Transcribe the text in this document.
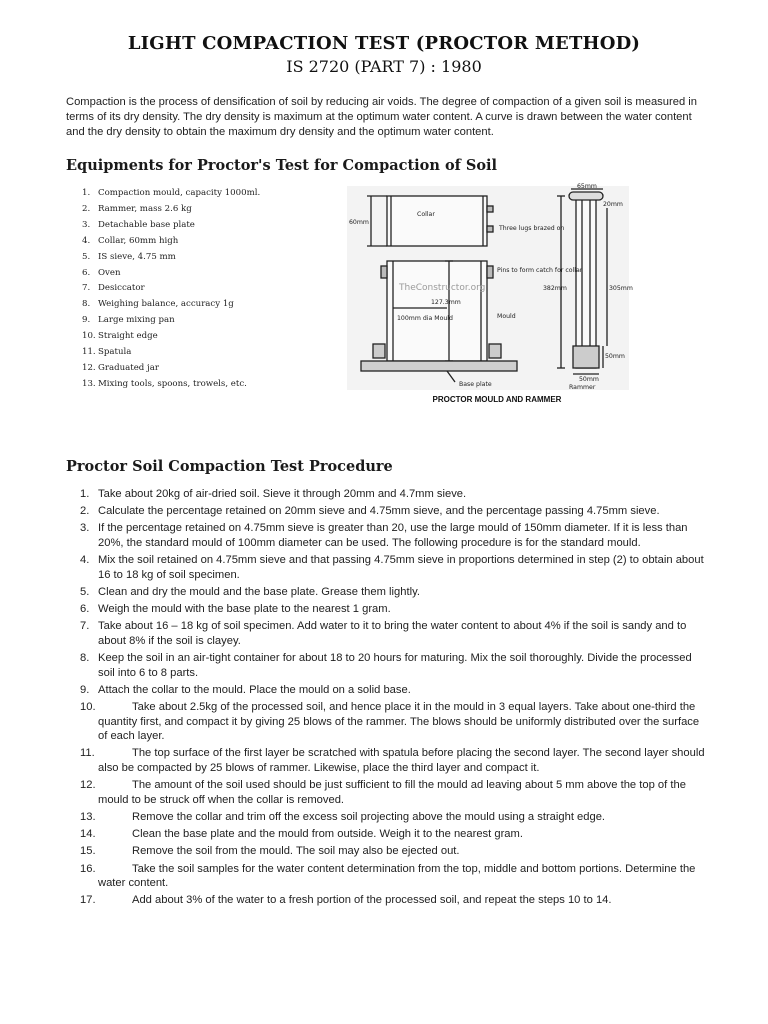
LIGHT COMPACTION TEST (PROCTOR METHOD)
IS 2720 (PART 7) : 1980
Compaction is the process of densification of soil by reducing air voids. The degree of compaction of a given soil is measured in terms of its dry density. The dry density is maximum at the optimum water content. A curve is drawn between the water content and the dry density to obtain the maximum dry density and the optimum water content.
Equipments for Proctor's Test for Compaction of Soil
1. Compaction mould, capacity 1000ml.
2. Rammer, mass 2.6 kg
3. Detachable base plate
4. Collar, 60mm high
5. IS sieve, 4.75 mm
6. Oven
7. Desiccator
8. Weighing balance, accuracy 1g
9. Large mixing pan
10. Straight edge
11. Spatula
12. Graduated jar
13. Mixing tools, spoons, trowels, etc.
Collar
60mm
Three lugs brazed on
Pins to form catch for collar
TheConstructor.org
127.3mm
100mm dia Mould	Mould
Base plate
65mm
20mm
382mm	305mm
50mm
50mm
Rammer
PROCTOR MOULD AND RAMMER
Proctor Soil Compaction Test Procedure
1. Take about 20kg of air-dried soil. Sieve it through 20mm and 4.7mm sieve.
2. Calculate the percentage retained on 20mm sieve and 4.75mm sieve, and the percentage passing 4.75mm sieve.
3. If the percentage retained on 4.75mm sieve is greater than 20, use the large mould of 150mm diameter. If it is less than 20%, the standard mould of 100mm diameter can be used. The following procedure is for the standard mould.
4. Mix the soil retained on 4.75mm sieve and that passing 4.75mm sieve in proportions determined in step (2) to obtain about 16 to 18 kg of soil specimen.
5. Clean and dry the mould and the base plate. Grease them lightly.
6. Weigh the mould with the base plate to the nearest 1 gram.
7. Take about 16 – 18 kg of soil specimen. Add water to it to bring the water content to about 4% if the soil is sandy and to about 8% if the soil is clayey.
8. Keep the soil in an air-tight container for about 18 to 20 hours for maturing. Mix the soil thoroughly. Divide the processed soil into 6 to 8 parts.
9. Attach the collar to the mould. Place the mould on a solid base.
10.	Take about 2.5kg of the processed soil, and hence place it in the mould in 3 equal layers. Take about one-third the quantity first, and compact it by giving 25 blows of the rammer. The blows should be uniformly distributed over the surface of each layer.
11.	The top surface of the first layer be scratched with spatula before placing the second layer. The second layer should also be compacted by 25 blows of rammer. Likewise, place the third layer and compact it.
12.	The amount of the soil used should be just sufficient to fill the mould ad leaving about 5 mm above the top of the mould to be struck off when the collar is removed.
13.	Remove the collar and trim off the excess soil projecting above the mould using a straight edge.
14.	Clean the base plate and the mould from outside. Weigh it to the nearest gram.
15.	Remove the soil from the mould. The soil may also be ejected out.
16.	Take the soil samples for the water content determination from the top, middle and bottom portions. Determine the water content.
17.	Add about 3% of the water to a fresh portion of the processed soil, and repeat the steps 10 to 14.
